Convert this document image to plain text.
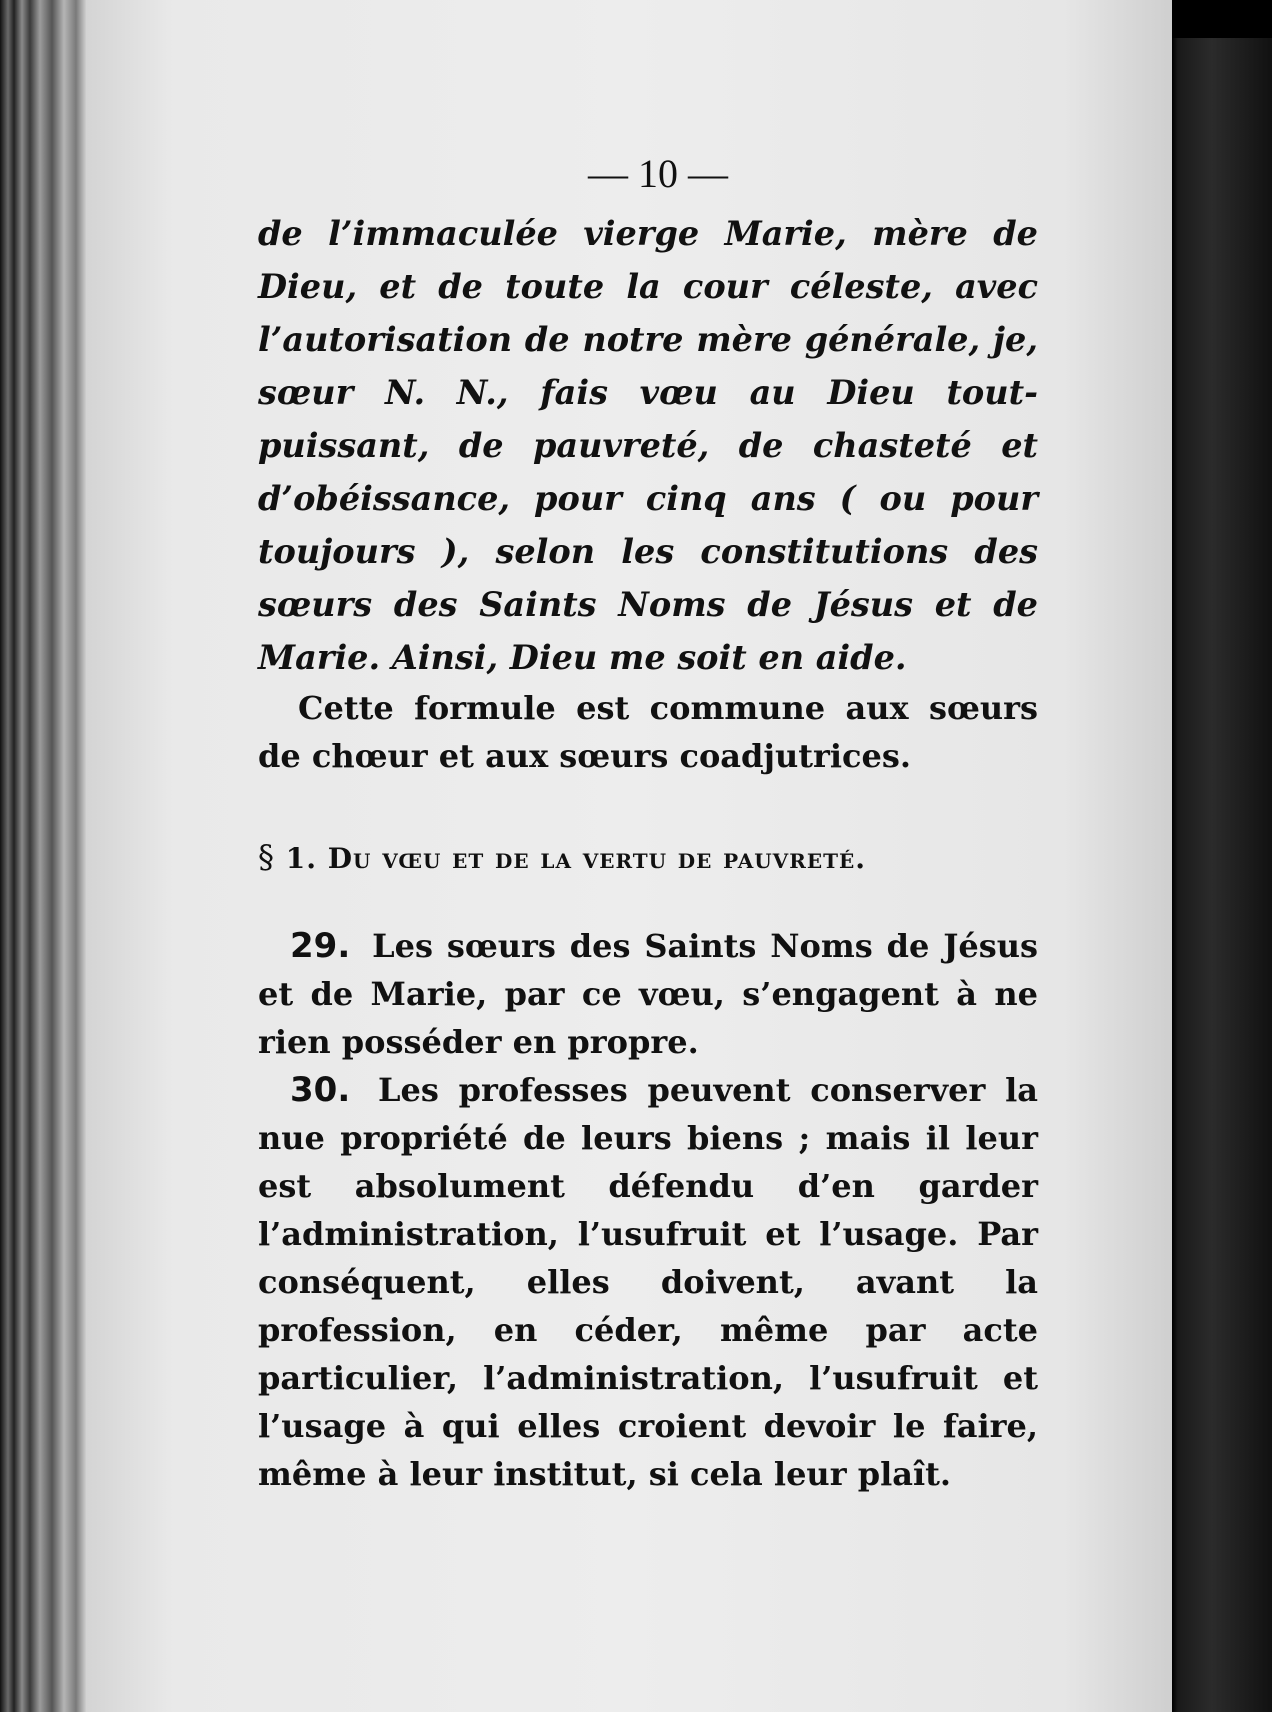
— 10 —

de l’immaculée vierge Marie, mère de Dieu, et de toute la cour céleste, avec l’autorisation de notre mère générale, je, sœur N. N., fais vœu au Dieu tout-puissant, de pauvreté, de chasteté et d’obéissance, pour cinq ans ( ou pour toujours ), selon les constitutions des sœurs des Saints Noms de Jésus et de Marie. Ainsi, Dieu me soit en aide.

Cette formule est commune aux sœurs de chœur et aux sœurs coadjutrices.

§ 1. Du vœu et de la vertu de pauvreté.

29. Les sœurs des Saints Noms de Jésus et de Marie, par ce vœu, s’engagent à ne rien posséder en propre.

30. Les professes peuvent conserver la nue propriété de leurs biens ; mais il leur est absolument défendu d’en garder l’administration, l’usufruit et l’usage. Par conséquent, elles doivent, avant la profession, en céder, même par acte particulier, l’administration, l’usufruit et l’usage à qui elles croient devoir le faire, même à leur institut, si cela leur plaît.
